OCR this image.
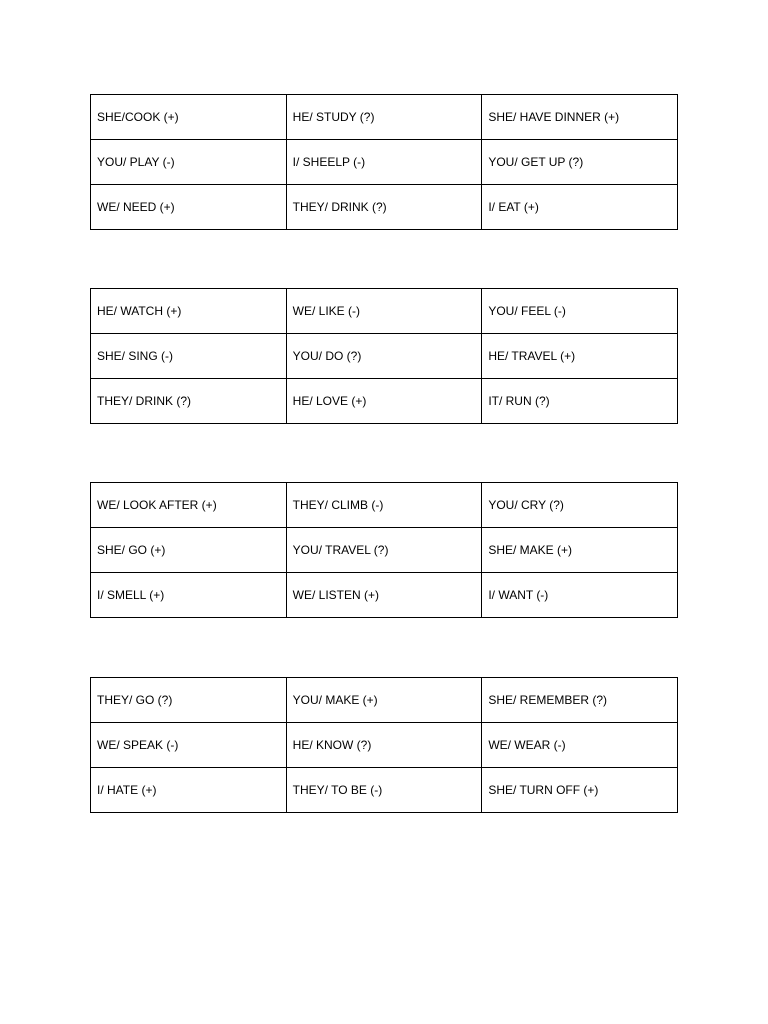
SHE/COOK (+)	HE/ STUDY (?)	SHE/ HAVE DINNER (+)
YOU/ PLAY (-)	I/ SHEELP (-)	YOU/ GET UP (?)
WE/ NEED (+)	THEY/ DRINK (?)	I/ EAT (+)
HE/ WATCH (+)	WE/ LIKE (-)	YOU/ FEEL (-)
SHE/ SING (-)	YOU/ DO (?)	HE/ TRAVEL (+)
THEY/ DRINK (?)	HE/ LOVE (+)	IT/ RUN (?)
WE/ LOOK AFTER (+)	THEY/ CLIMB (-)	YOU/ CRY (?)
SHE/ GO (+)	YOU/ TRAVEL (?)	SHE/ MAKE (+)
I/ SMELL (+)	WE/ LISTEN (+)	I/ WANT (-)
THEY/ GO (?)	YOU/ MAKE (+)	SHE/ REMEMBER (?)
WE/ SPEAK (-)	HE/ KNOW (?)	WE/ WEAR (-)
I/ HATE (+)	THEY/ TO BE (-)	SHE/ TURN OFF (+)
